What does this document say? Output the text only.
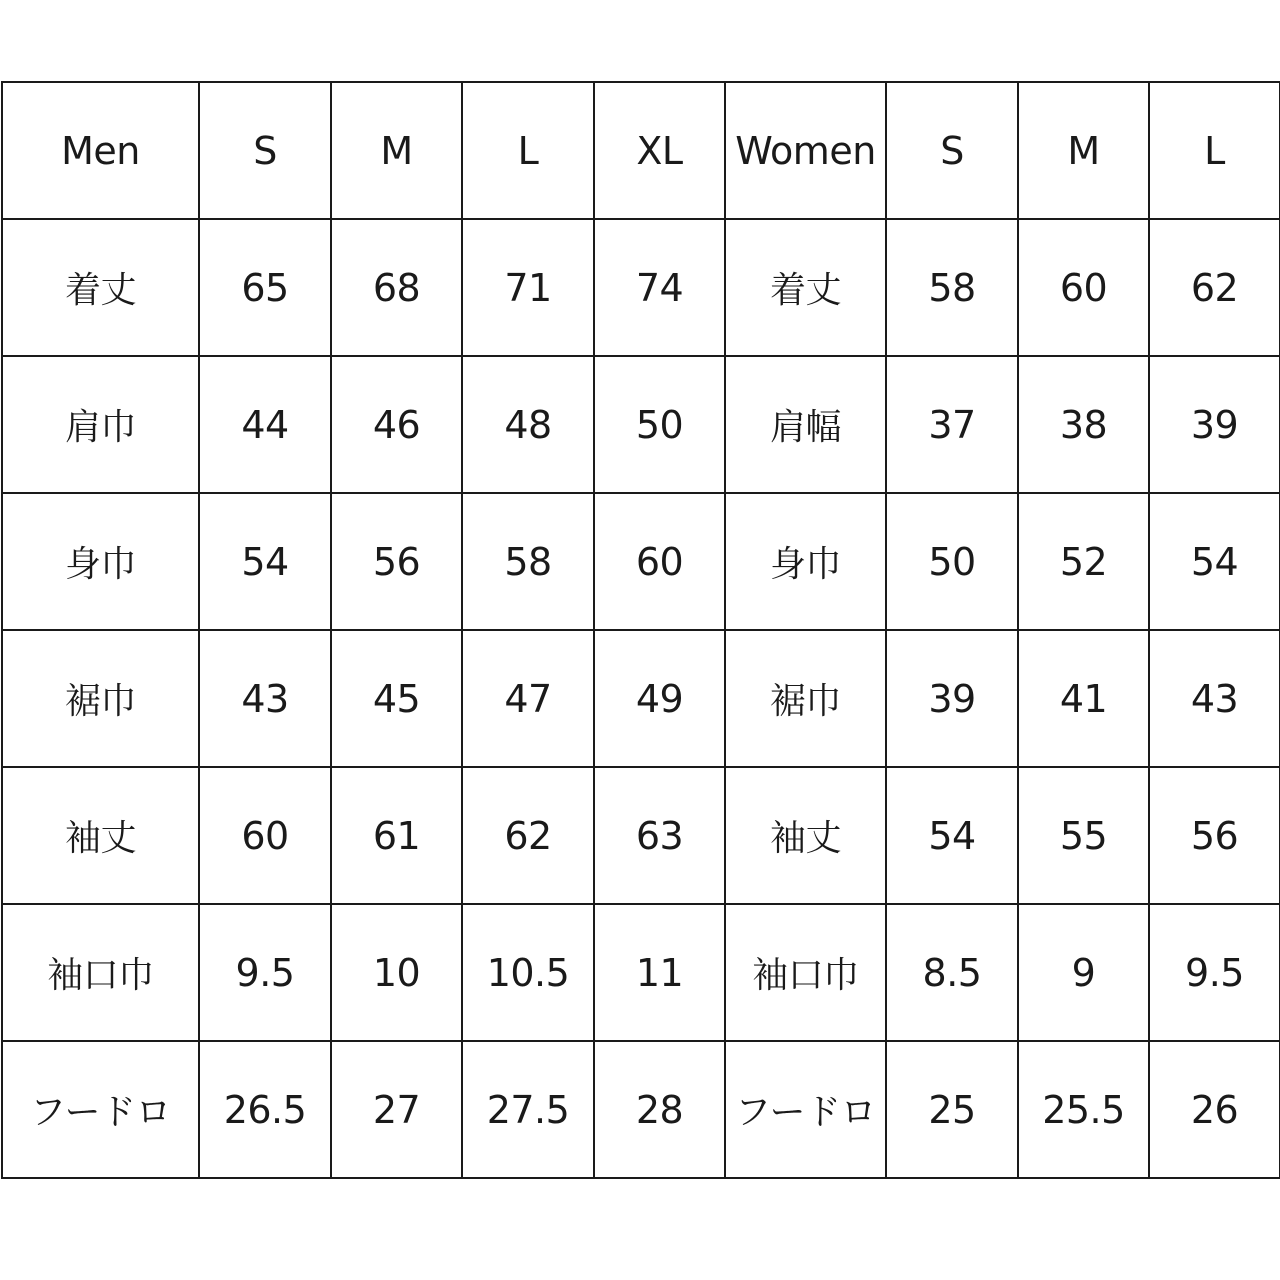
Men	S	M	L	XL	Women	S	M	L
着丈	65	68	71	74	着丈	58	60	62
肩巾	44	46	48	50	肩幅	37	38	39
身巾	54	56	58	60	身巾	50	52	54
裾巾	43	45	47	49	裾巾	39	41	43
袖丈	60	61	62	63	袖丈	54	55	56
袖口巾	9.5	10	10.5	11	袖口巾	8.5	9	9.5
フードロ	26.5	27	27.5	28	フードロ	25	25.5	26
